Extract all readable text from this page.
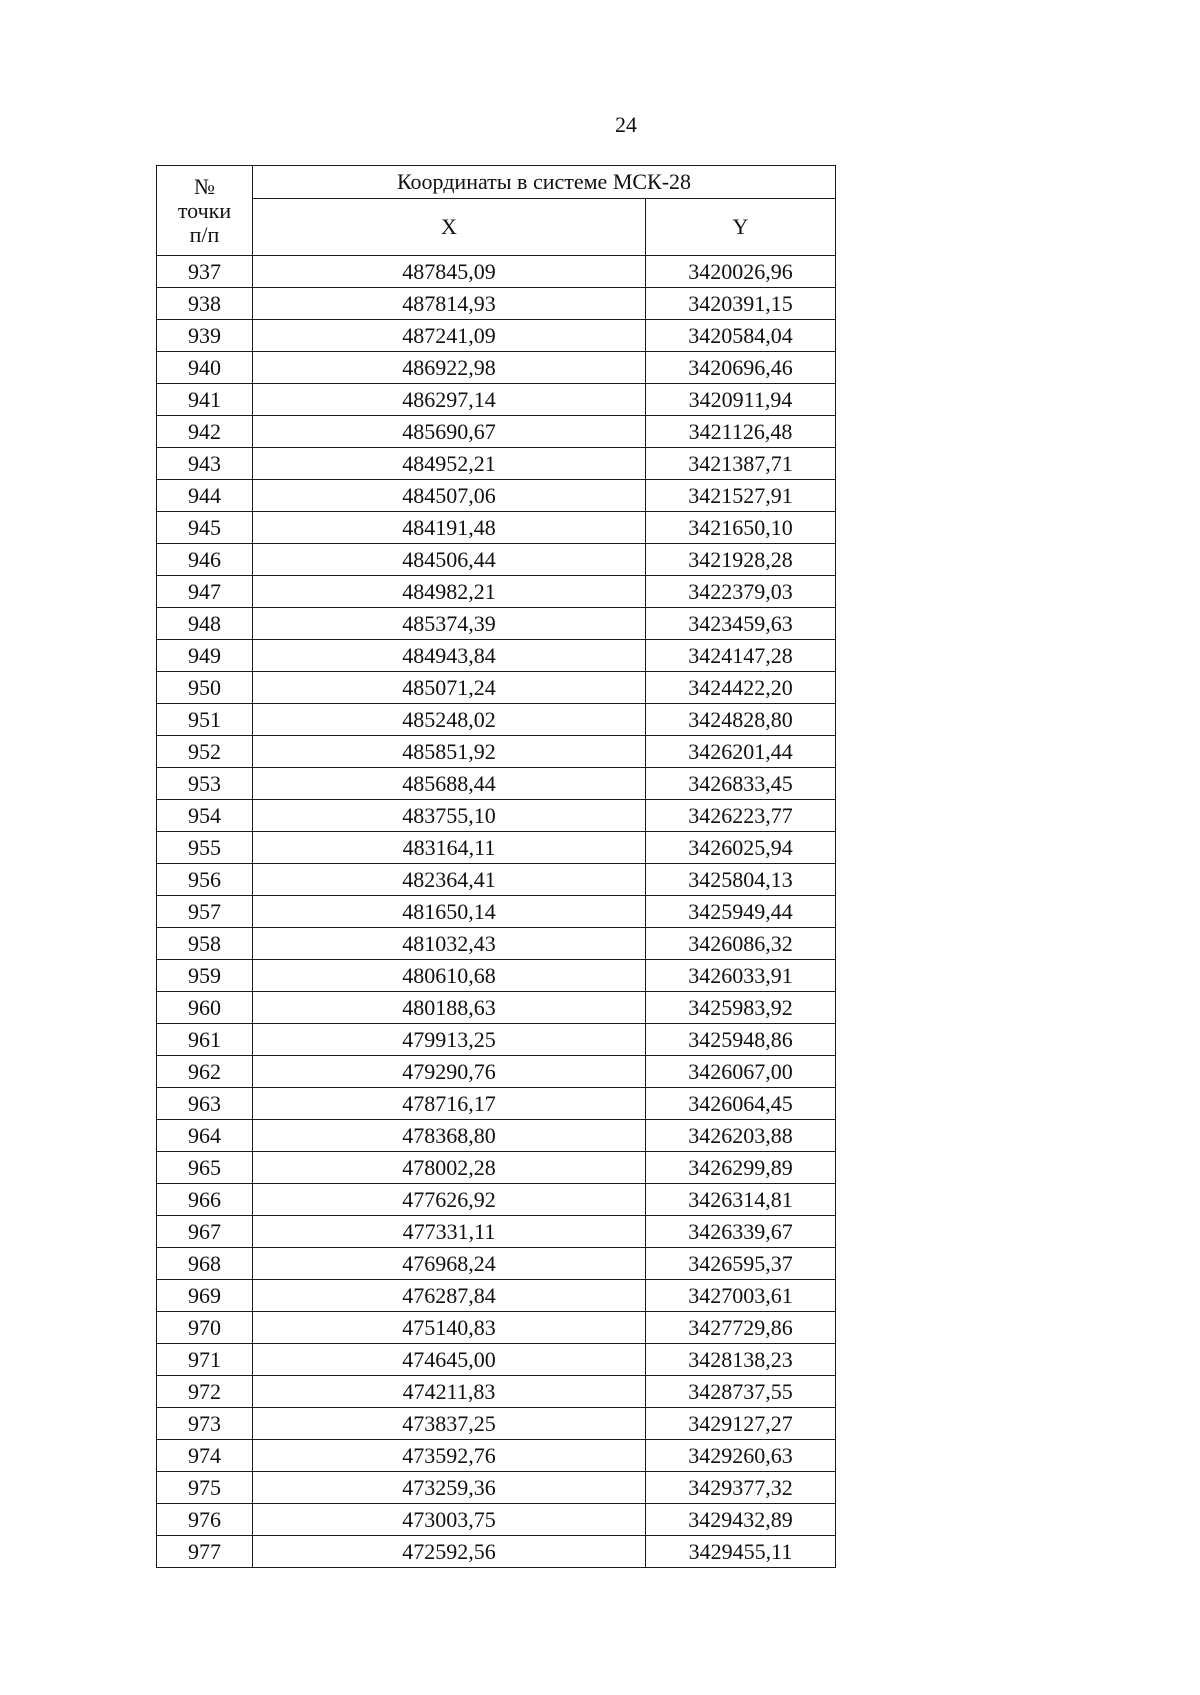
24
№
точки
п/п	Координаты в системе МСК-28	
	X	Y
937	487845,09	3420026,96
938	487814,93	3420391,15
939	487241,09	3420584,04
940	486922,98	3420696,46
941	486297,14	3420911,94
942	485690,67	3421126,48
943	484952,21	3421387,71
944	484507,06	3421527,91
945	484191,48	3421650,10
946	484506,44	3421928,28
947	484982,21	3422379,03
948	485374,39	3423459,63
949	484943,84	3424147,28
950	485071,24	3424422,20
951	485248,02	3424828,80
952	485851,92	3426201,44
953	485688,44	3426833,45
954	483755,10	3426223,77
955	483164,11	3426025,94
956	482364,41	3425804,13
957	481650,14	3425949,44
958	481032,43	3426086,32
959	480610,68	3426033,91
960	480188,63	3425983,92
961	479913,25	3425948,86
962	479290,76	3426067,00
963	478716,17	3426064,45
964	478368,80	3426203,88
965	478002,28	3426299,89
966	477626,92	3426314,81
967	477331,11	3426339,67
968	476968,24	3426595,37
969	476287,84	3427003,61
970	475140,83	3427729,86
971	474645,00	3428138,23
972	474211,83	3428737,55
973	473837,25	3429127,27
974	473592,76	3429260,63
975	473259,36	3429377,32
976	473003,75	3429432,89
977	472592,56	3429455,11
